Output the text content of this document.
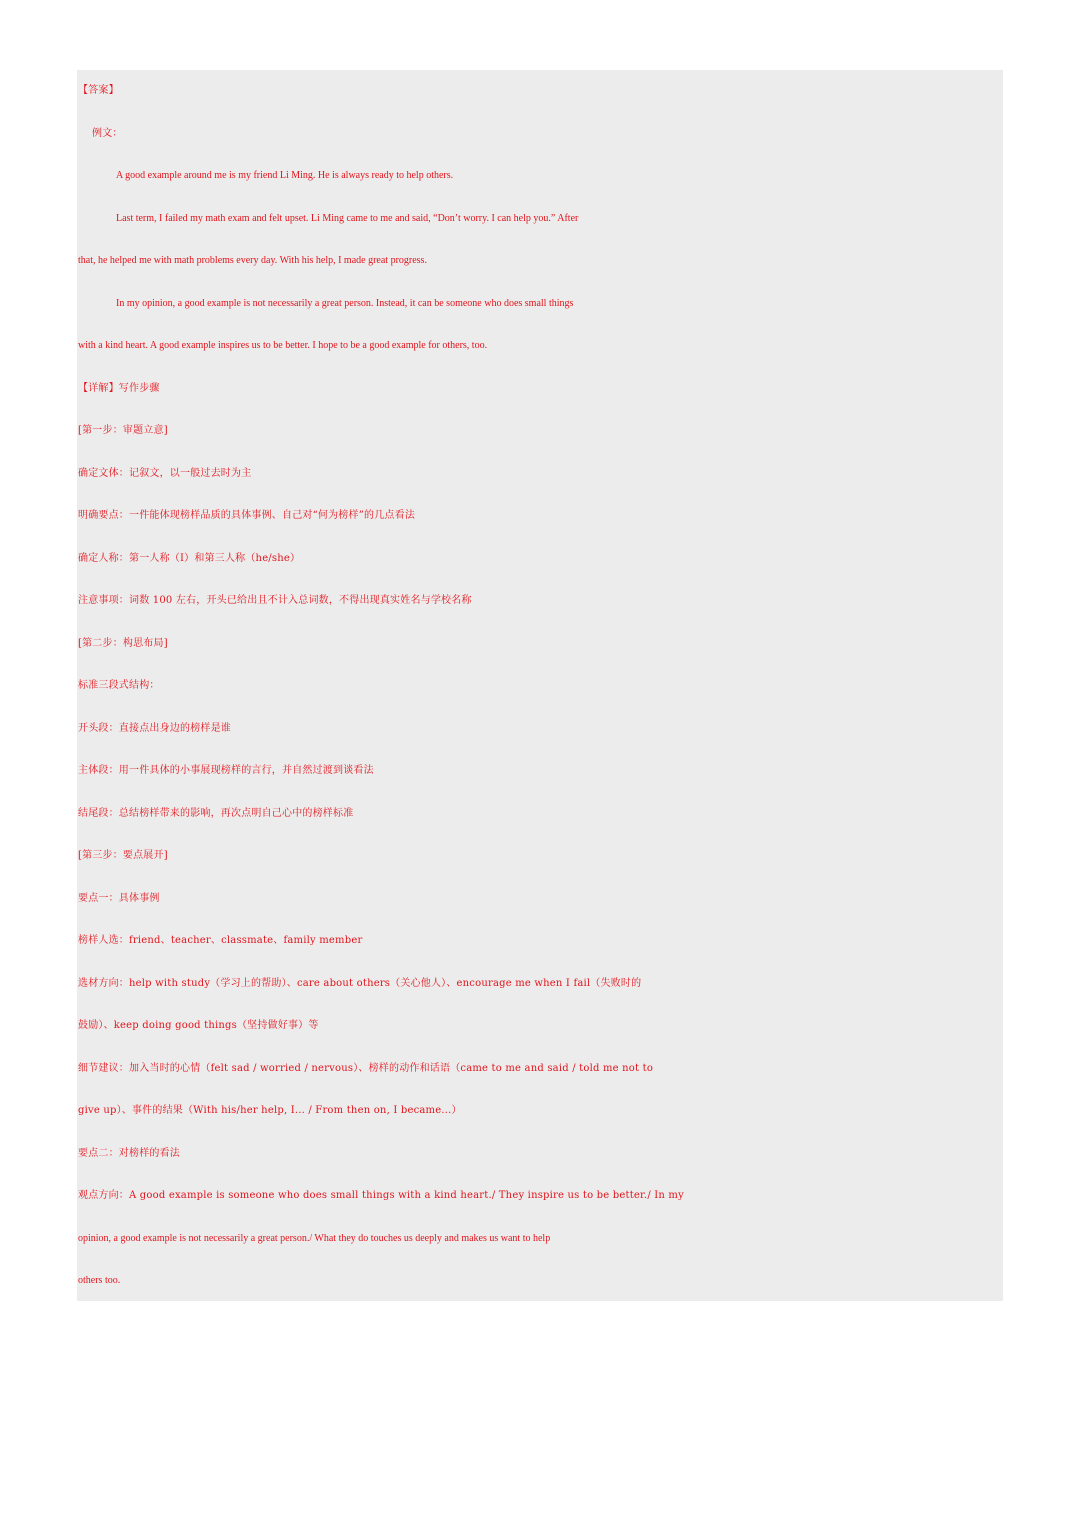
【答案】
例文：
A good example around me is my friend Li Ming. He is always ready to help others.
Last term, I failed my math exam and felt upset. Li Ming came to me and said, “Don’t worry. I can help you.” After
that, he helped me with math problems every day. With his help, I made great progress.
In my opinion, a good example is not necessarily a great person. Instead, it can be someone who does small things
with a kind heart. A good example inspires us to be better. I hope to be a good example for others, too.
【详解】写作步骤
[第一步：审题立意]
确定文体：记叙文，以一般过去时为主
明确要点：一件能体现榜样品质的具体事例、自己对“何为榜样”的几点看法
确定人称：第一人称（I）和第三人称（he/she）
注意事项：词数 100 左右，开头已给出且不计入总词数，不得出现真实姓名与学校名称
[第二步：构思布局]
标准三段式结构：
开头段：直接点出身边的榜样是谁
主体段：用一件具体的小事展现榜样的言行，并自然过渡到谈看法
结尾段：总结榜样带来的影响，再次点明自己心中的榜样标准
[第三步：要点展开]
要点一：具体事例
榜样人选：friend、teacher、classmate、family member
选材方向：help with study（学习上的帮助）、care about others（关心他人）、encourage me when I fail（失败时的
鼓励）、keep doing good things（坚持做好事）等
细节建议：加入当时的心情（felt sad / worried / nervous）、榜样的动作和话语（came to me and said / told me not to
give up）、事件的结果（With his/her help, I... / From then on, I became...）
要点二：对榜样的看法
观点方向：A good example is someone who does small things with a kind heart./ They inspire us to be better./ In my
opinion, a good example is not necessarily a great person./ What they do touches us deeply and makes us want to help
others too.
